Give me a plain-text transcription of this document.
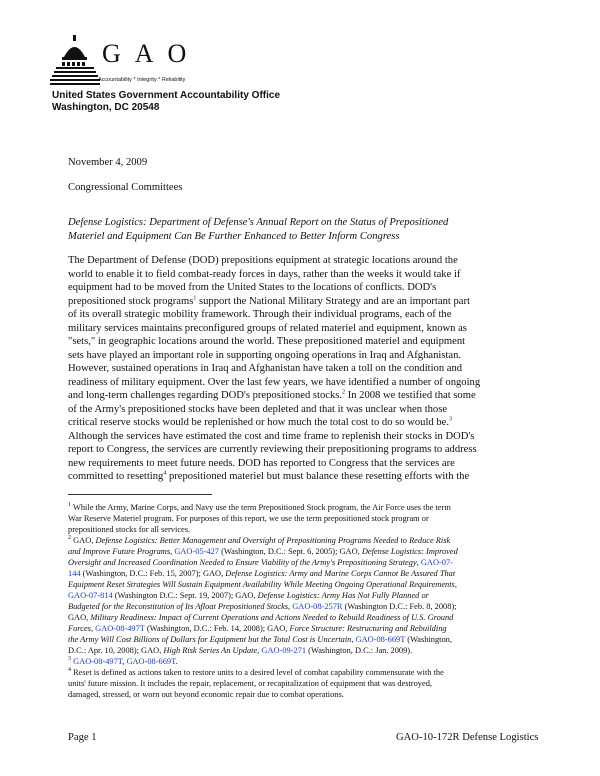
GAO
Accountability * Integrity * Reliability
United States Government Accountability Office
Washington, DC 20548
November 4, 2009
Congressional Committees
Defense Logistics: Department of Defense's Annual Report on the Status of Prepositioned
Materiel and Equipment Can Be Further Enhanced to Better Inform Congress
The Department of Defense (DOD) prepositions equipment at strategic locations around the
world to enable it to field combat-ready forces in days, rather than the weeks it would take if
equipment had to be moved from the United States to the locations of conflicts. DOD's
prepositioned stock programs$^1$ support the National Military Strategy and are an important part
of its overall strategic mobility framework. Through their individual programs, each of the
military services maintains preconfigured groups of related materiel and equipment, known as
"sets," in geographic locations around the world. These prepositioned materiel and equipment
sets have played an important role in supporting ongoing operations in Iraq and Afghanistan.
However, sustained operations in Iraq and Afghanistan have taken a toll on the condition and
readiness of military equipment. Over the last few years, we have identified a number of ongoing
and long-term challenges regarding DOD's prepositioned stocks.$^2$ In 2008 we testified that some
of the Army's prepositioned stocks have been depleted and that it was unclear when those
critical reserve stocks would be replenished or how much the total cost to do so would be.$^3$
Although the services have estimated the cost and time frame to replenish their stocks in DOD's
report to Congress, the services are currently reviewing their prepositioning programs to address
new requirements to meet future needs. DOD has reported to Congress that the services are
committed to resetting$^4$ prepositioned materiel but must balance these resetting efforts with the
$^1$ While the Army, Marine Corps, and Navy use the term Prepositioned Stock program, the Air Force uses the term
War Reserve Materiel program. For purposes of this report, we use the term prepositioned stock program or
prepositioned stocks for all services.
$^2$ GAO, Defense Logistics: Better Management and Oversight of Prepositioning Programs Needed to Reduce Risk
and Improve Future Programs, GAO-05-427 (Washington, D.C.: Sept. 6, 2005); GAO, Defense Logistics: Improved
Oversight and Increased Coordination Needed to Ensure Viability of the Army's Prepositioning Strategy, GAO-07-
144 (Washington, D.C.: Feb. 15, 2007); GAO, Defense Logistics: Army and Marine Corps Cannot Be Assured That
Equipment Reset Strategies Will Sustain Equipment Availability While Meeting Ongoing Operational Requirements,
GAO-07-814 (Washington D.C.: Sept. 19, 2007); GAO, Defense Logistics: Army Has Not Fully Planned or
Budgeted for the Reconstitution of Its Afloat Prepositioned Stocks, GAO-08-257R (Washington D.C.: Feb. 8, 2008);
GAO, Military Readiness: Impact of Current Operations and Actions Needed to Rebuild Readiness of U.S. Ground
Forces, GAO-08-497T (Washington, D.C.: Feb. 14, 2008); GAO, Force Structure: Restructuring and Rebuilding
the Army Will Cost Billions of Dollars for Equipment but the Total Cost is Uncertain, GAO-08-669T (Washington,
D.C.: Apr. 10, 2008); GAO, High Risk Series An Update, GAO-09-271 (Washington, D.C.: Jan. 2009).
$^3$ GAO-08-497T, GAO-08-669T.
$^4$ Reset is defined as actions taken to restore units to a desired level of combat capability commensurate with the
units' future mission. It includes the repair, replacement, or recapitalization of equipment that was destroyed,
damaged, stressed, or worn out beyond economic repair due to combat operations.
Page 1	GAO-10-172R Defense Logistics
